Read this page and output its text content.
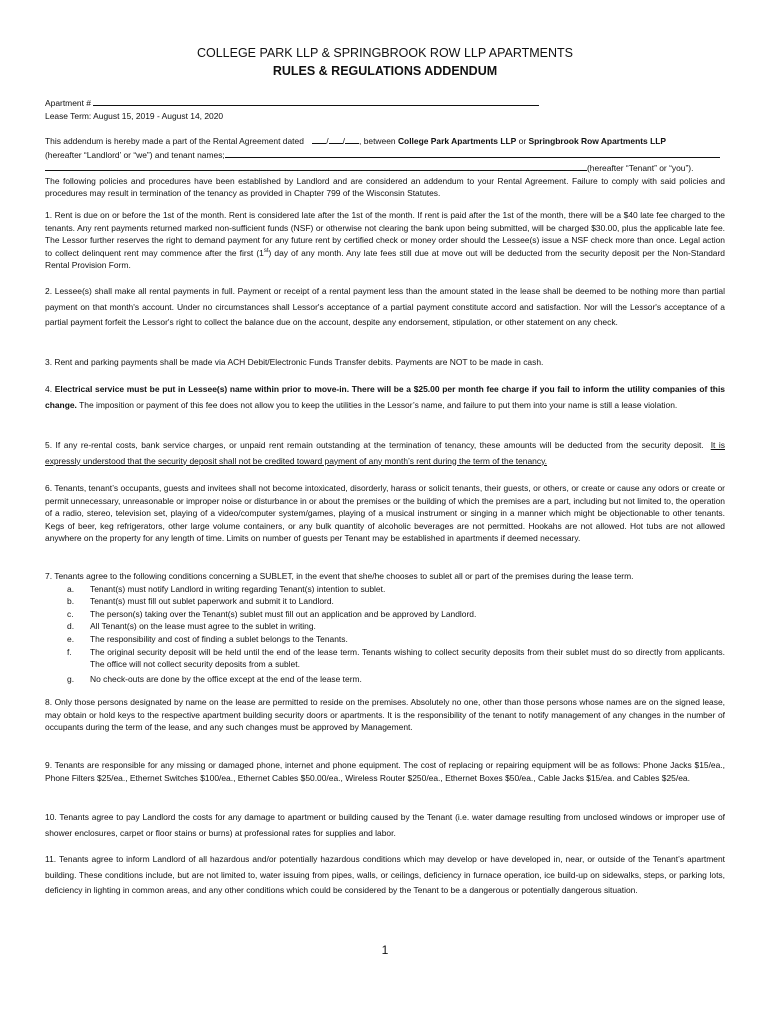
COLLEGE PARK LLP & SPRINGBROOK ROW LLP APARTMENTS
RULES & REGULATIONS ADDENDUM
Apartment #
Lease Term: August 15, 2019 - August 14, 2020
This addendum is hereby made a part of the Rental Agreement dated	/ / , between College Park Apartments LLP or Springbrook Row Apartments LLP
(hereafter “Landlord’ or “we”) and tenant names;
(hereafter “Tenant” or “you”).
The following policies and procedures have been established by Landlord and are considered an addendum to your Rental Agreement. Failure to comply with said policies and procedures may result in termination of the tenancy as provided in Chapter 799 of the Wisconsin Statutes.
1. Rent is due on or before the 1st of the month. Rent is considered late after the 1st of the month. If rent is paid after the 1st of the month, there will be a $40 late fee charged to the tenants. Any rent payments returned marked non-sufficient funds (NSF) or otherwise not clearing the bank upon being submitted, will be charged $30.00, plus the applicable late fee. The Lessor further reserves the right to demand payment for any future rent by certified check or money order should the Lessee(s) issue a NSF check more than once. Legal action to collect delinquent rent may commence after the first (1st) day of any month. Any late fees still due at move out will be deducted from the security deposit per the Non-Standard Rental Provision Form.
2. Lessee(s) shall make all rental payments in full. Payment or receipt of a rental payment less than the amount stated in the lease shall be deemed to be nothing more than partial payment on that month's account. Under no circumstances shall Lessor's acceptance of a partial payment constitute accord and satisfaction. Nor will the Lessor's acceptance of a partial payment forfeit the Lessor's right to collect the balance due on the account, despite any endorsement, stipulation, or other statement on any check.
3. Rent and parking payments shall be made via ACH Debit/Electronic Funds Transfer debits. Payments are NOT to be made in cash.
4. Electrical service must be put in Lessee(s) name within prior to move-in. There will be a $25.00 per month fee charge if you fail to inform the utility companies of this change. The imposition or payment of this fee does not allow you to keep the utilities in the Lessor’s name, and failure to put them into your name is still a lease violation.
5. If any re-rental costs, bank service charges, or unpaid rent remain outstanding at the termination of tenancy, these amounts will be deducted from the security deposit. It is expressly understood that the security deposit shall not be credited toward payment of any month’s rent during the term of the tenancy.
6. Tenants, tenant’s occupants, guests and invitees shall not become intoxicated, disorderly, harass or solicit tenants, their guests, or others, or create or cause any odors or create or permit unnecessary, unreasonable or improper noise or disturbance in or about the premises or the building of which the premises are a part, including but not limited to, the operation of a radio, stereo, television set, playing of a video/computer system/games, playing of a musical instrument or singing in a manner which might be objectionable to other tenants. Kegs of beer, keg refrigerators, other large volume containers, or any bulk quantity of alcoholic beverages are not permitted. Hookahs are not allowed. Hot tubs are not allowed anywhere on the property for any length of time. Limits on number of guests per Tenant may be established in apartments if deemed necessary.
7. Tenants agree to the following conditions concerning a SUBLET, in the event that she/he chooses to sublet all or part of the premises during the lease term.
a. Tenant(s) must notify Landlord in writing regarding Tenant(s) intention to sublet.
b. Tenant(s) must fill out sublet paperwork and submit it to Landlord.
c. The person(s) taking over the Tenant(s) sublet must fill out an application and be approved by Landlord.
d. All Tenant(s) on the lease must agree to the sublet in writing.
e. The responsibility and cost of finding a sublet belongs to the Tenants.
f. The original security deposit will be held until the end of the lease term. Tenants wishing to collect security deposits from their sublet must do so directly from applicants. The office will not collect security deposits from a sublet.
g. No check-outs are done by the office except at the end of the lease term.
8. Only those persons designated by name on the lease are permitted to reside on the premises. Absolutely no one, other than those persons whose names are on the signed lease, may obtain or hold keys to the respective apartment building security doors or apartments. It is the responsibility of the tenant to notify management of any changes in the number of occupants during the term of the lease, and any such changes must be approved by Management.
9. Tenants are responsible for any missing or damaged phone, internet and phone equipment. The cost of replacing or repairing equipment will be as follows: Phone Jacks $15/ea., Phone Filters $25/ea., Ethernet Switches $100/ea., Ethernet Cables $50.00/ea., Wireless Router $250/ea., Ethernet Boxes $50/ea., Cable Jacks $15/ea. and Cables $25/ea.
10. Tenants agree to pay Landlord the costs for any damage to apartment or building caused by the Tenant (i.e. water damage resulting from unclosed windows or improper use of shower enclosures, carpet or floor stains or burns) at professional rates for supplies and labor.
11. Tenants agree to inform Landlord of all hazardous and/or potentially hazardous conditions which may develop or have developed in, near, or outside of the Tenant’s apartment building. These conditions include, but are not limited to, water issuing from pipes, walls, or ceilings, deficiency in furnace operation, ice build-up on sidewalks, steps, or parking lots, deficiency in lighting in common areas, and any other conditions which could be considered by the Tenant to be a dangerous or potentially dangerous situation.
1
